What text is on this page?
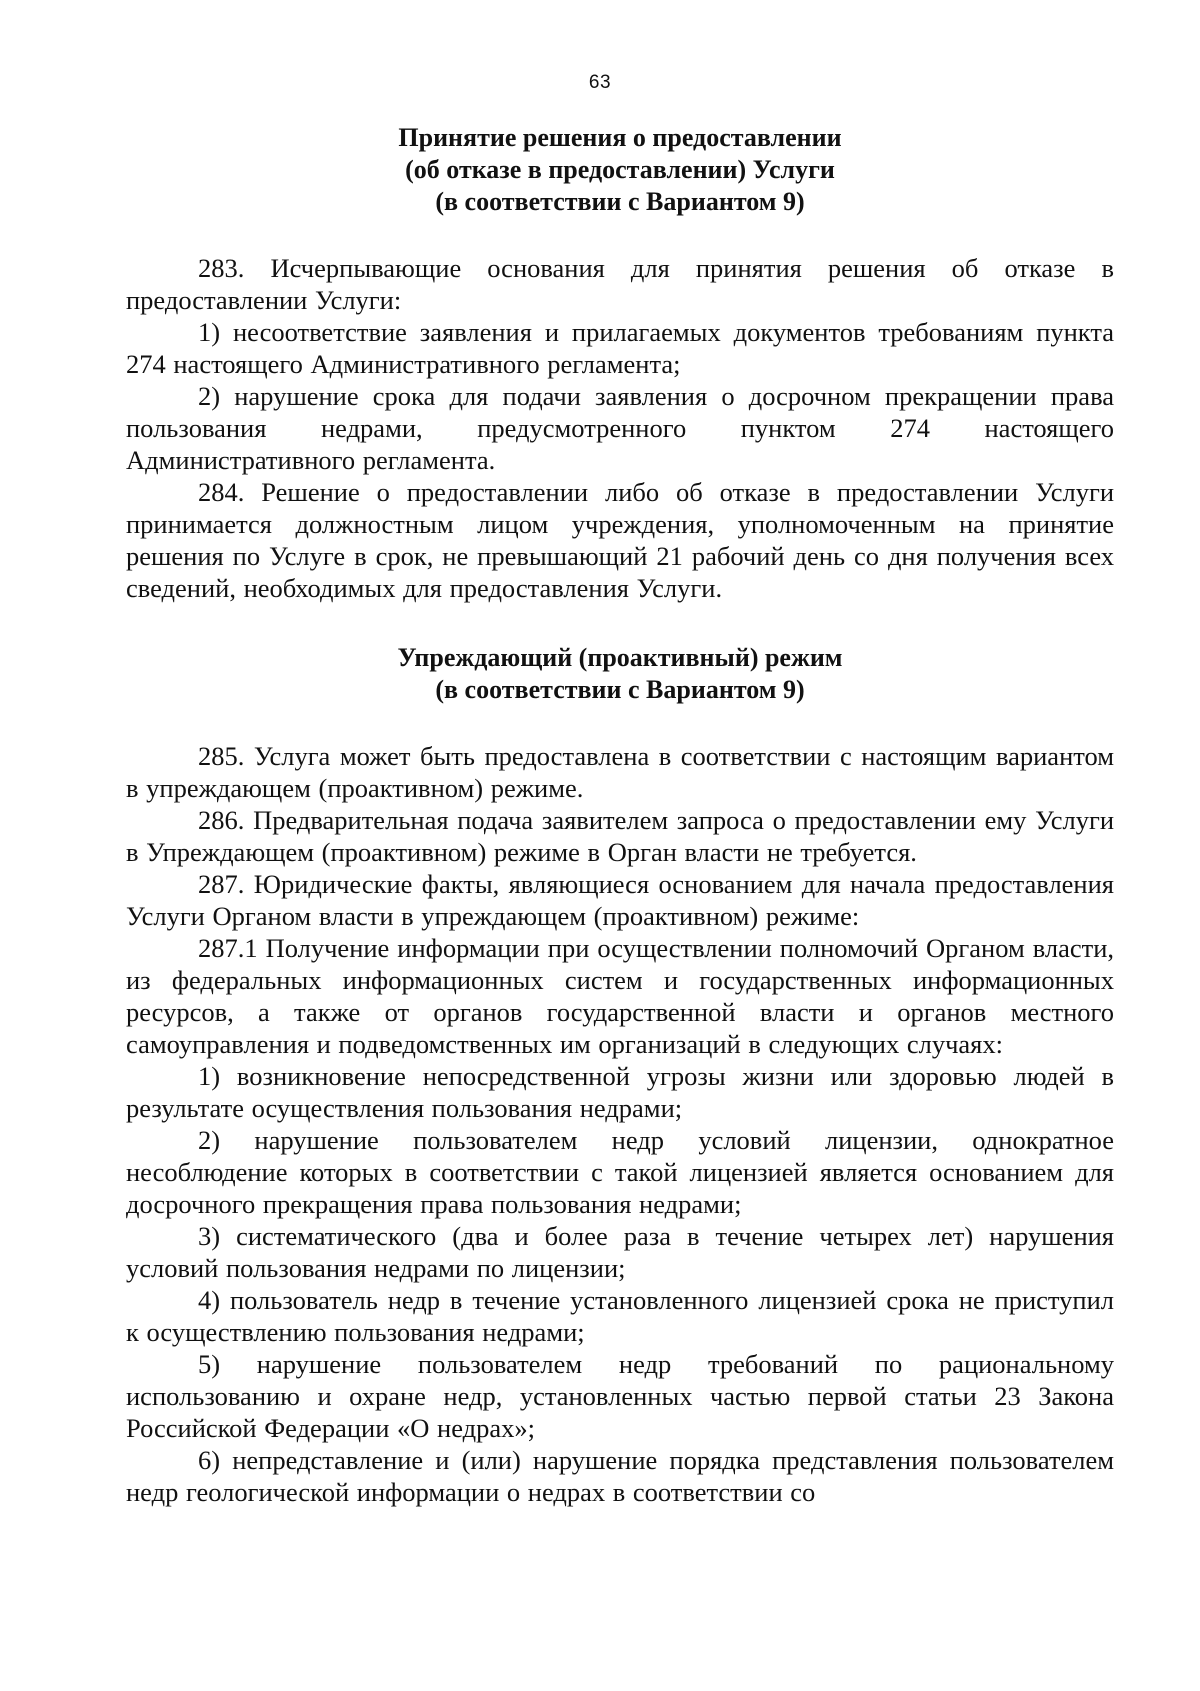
63
Принятие решения о предоставлении
(об отказе в предоставлении) Услуги
(в соответствии с Вариантом 9)

283. Исчерпывающие основания для принятия решения об отказе в предоставлении Услуги:

1) несоответствие заявления и прилагаемых документов требованиям пункта 274 настоящего Административного регламента;

2) нарушение срока для подачи заявления о досрочном прекращении права пользования недрами, предусмотренного пунктом 274 настоящего Административного регламента.

284. Решение о предоставлении либо об отказе в предоставлении Услуги принимается должностным лицом учреждения, уполномоченным на принятие решения по Услуге в срок, не превышающий 21 рабочий день со дня получения всех сведений, необходимых для предоставления Услуги.

Упреждающий (проактивный) режим
(в соответствии с Вариантом 9)

285. Услуга может быть предоставлена в соответствии с настоящим вариантом в упреждающем (проактивном) режиме.

286. Предварительная подача заявителем запроса о предоставлении ему Услуги в Упреждающем (проактивном) режиме в Орган власти не требуется.

287. Юридические факты, являющиеся основанием для начала предоставления Услуги Органом власти в упреждающем (проактивном) режиме:

287.1 Получение информации при осуществлении полномочий Органом власти, из федеральных информационных систем и государственных информационных ресурсов, а также от органов государственной власти и органов местного самоуправления и подведомственных им организаций в следующих случаях:

1) возникновение непосредственной угрозы жизни или здоровью людей в результате осуществления пользования недрами;

2) нарушение пользователем недр условий лицензии, однократное несоблюдение которых в соответствии с такой лицензией является основанием для досрочного прекращения права пользования недрами;

3) систематического (два и более раза в течение четырех лет) нарушения условий пользования недрами по лицензии;

4) пользователь недр в течение установленного лицензией срока не приступил к осуществлению пользования недрами;

5) нарушение пользователем недр требований по рациональному использованию и охране недр, установленных частью первой статьи 23 Закона Российской Федерации «О недрах»;

6) непредставление и (или) нарушение порядка представления пользователем недр геологической информации о недрах в соответствии со
